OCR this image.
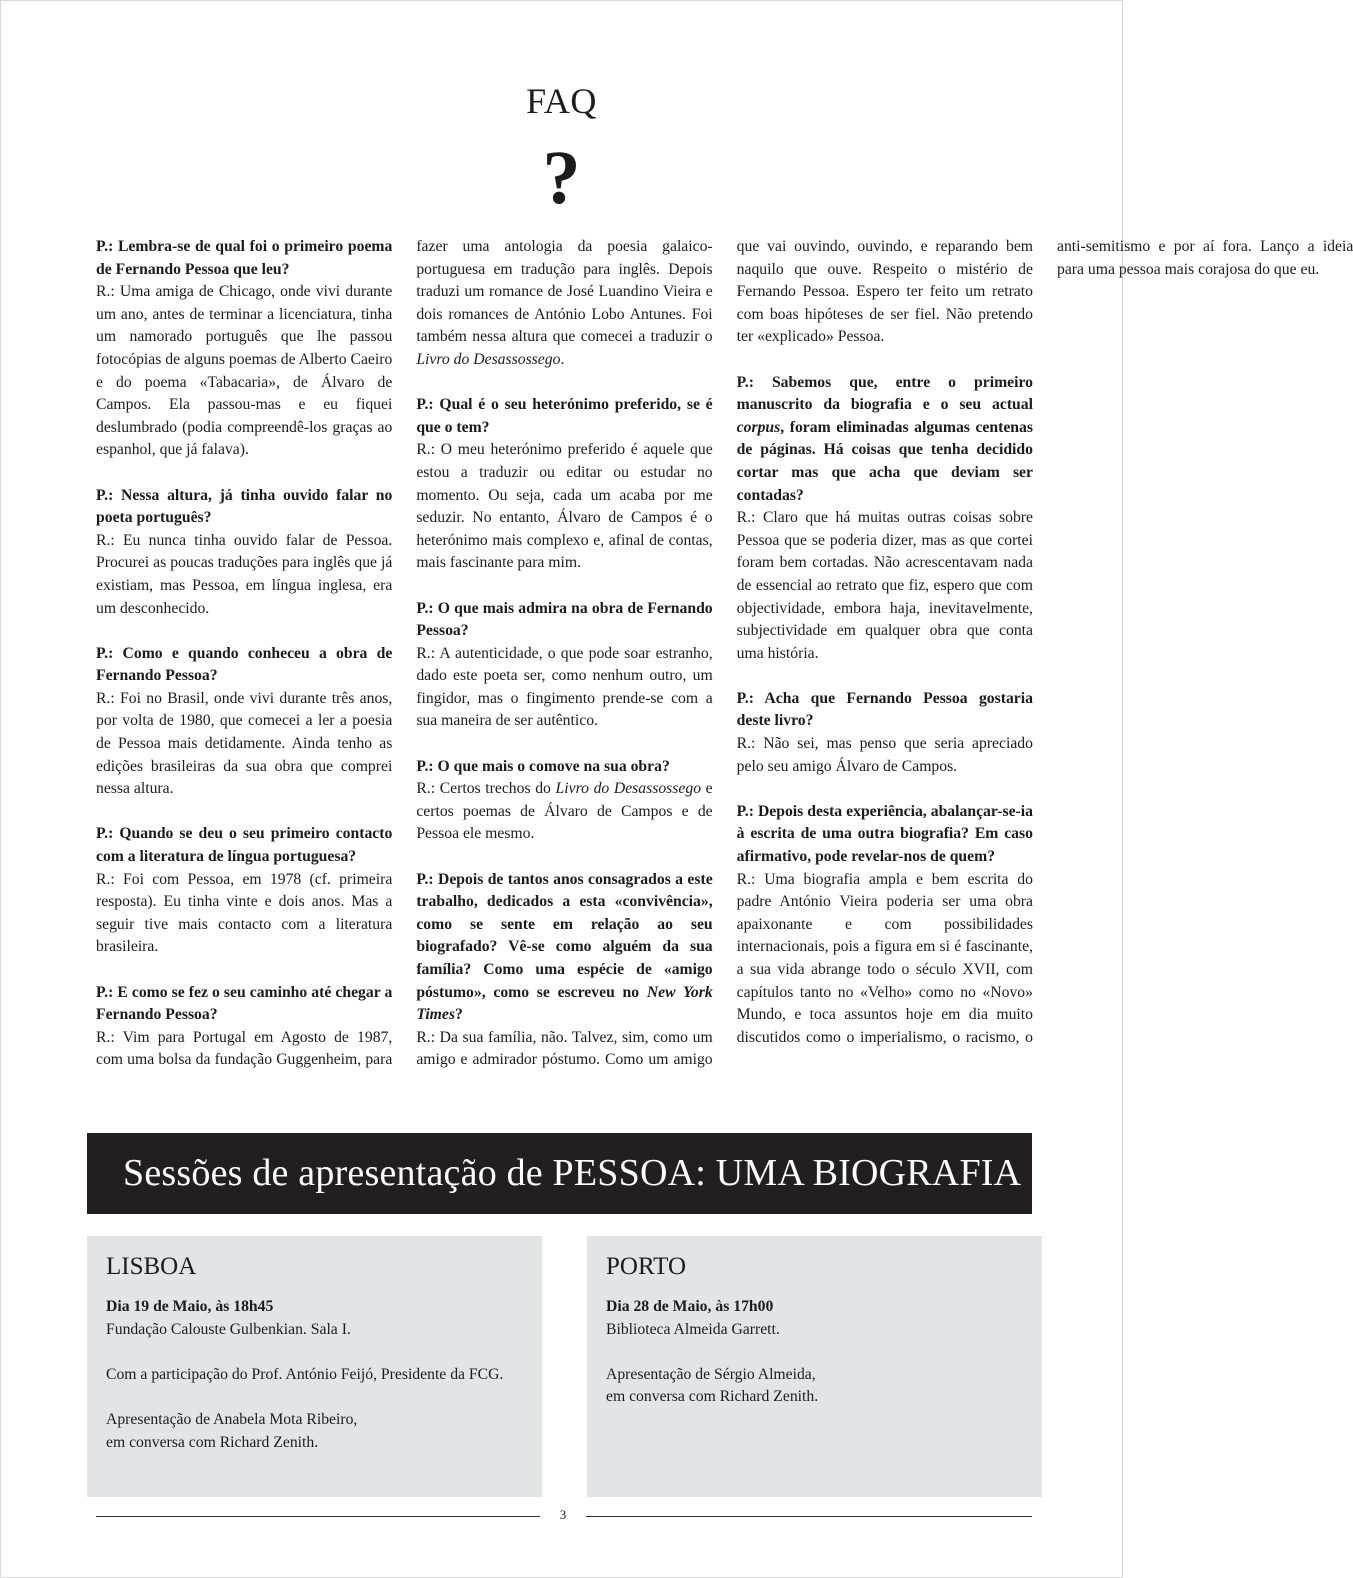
FAQ
?

P.: Lembra-se de qual foi o primeiro poema de Fernando Pessoa que leu?

R.: Uma amiga de Chicago, onde vivi durante um ano, antes de terminar a licenciatura, tinha um namorado português que lhe passou fotocópias de alguns poemas de Alberto Caeiro e do poema «Tabacaria», de Álvaro de Campos. Ela passou-mas e eu fiquei deslumbrado (podia compreendê-los graças ao espanhol, que já falava).

P.: Nessa altura, já tinha ouvido falar no poeta português?

R.: Eu nunca tinha ouvido falar de Pessoa. Procurei as poucas traduções para inglês que já existiam, mas Pessoa, em língua inglesa, era um desconhecido.

P.: Como e quando conheceu a obra de Fernando Pessoa?

R.: Foi no Brasil, onde vivi durante três anos, por volta de 1980, que comecei a ler a poesia de Pessoa mais detidamente. Ainda tenho as edições brasileiras da sua obra que comprei nessa altura.

P.: Quando se deu o seu primeiro contacto com a literatura de língua portuguesa?

R.: Foi com Pessoa, em 1978 (cf. primeira resposta). Eu tinha vinte e dois anos. Mas a seguir tive mais contacto com a literatura brasileira.

P.: E como se fez o seu caminho até chegar a Fernando Pessoa?

R.: Vim para Portugal em Agosto de 1987, com uma bolsa da fundação Guggenheim, para fazer uma antologia da poesia galaico-portuguesa em tradução para inglês. Depois traduzi um romance de José Luandino Vieira e dois romances de António Lobo Antunes. Foi também nessa altura que comecei a traduzir o Livro do Desassossego.

P.: Qual é o seu heterónimo preferido, se é que o tem?

R.: O meu heterónimo preferido é aquele que estou a traduzir ou editar ou estudar no momento. Ou seja, cada um acaba por me seduzir. No entanto, Álvaro de Campos é o heterónimo mais complexo e, afinal de contas, mais fascinante para mim.

P.: O que mais admira na obra de Fernando Pessoa?

R.: A autenticidade, o que pode soar estranho, dado este poeta ser, como nenhum outro, um fingidor, mas o fingimento prende-se com a sua maneira de ser autêntico.

P.: O que mais o comove na sua obra?

R.: Certos trechos do Livro do Desassossego e certos poemas de Álvaro de Campos e de Pessoa ele mesmo.

P.: Depois de tantos anos consagrados a este trabalho, dedicados a esta «convivência», como se sente em relação ao seu biografado? Vê-se como alguém da sua família? Como uma espécie de «amigo póstumo», como se escreveu no New York Times?

R.: Da sua família, não. Talvez, sim, como um amigo e admirador póstumo. Como um amigo que vai ouvindo, ouvindo, e reparando bem naquilo que ouve. Respeito o mistério de Fernando Pessoa. Espero ter feito um retrato com boas hipóteses de ser fiel. Não pretendo ter «explicado» Pessoa.

P.: Sabemos que, entre o primeiro manuscrito da biografia e o seu actual corpus, foram eliminadas algumas centenas de páginas. Há coisas que tenha decidido cortar mas que acha que deviam ser contadas?

R.: Claro que há muitas outras coisas sobre Pessoa que se poderia dizer, mas as que cortei foram bem cortadas. Não acrescentavam nada de essencial ao retrato que fiz, espero que com objectividade, embora haja, inevitavelmente, subjectividade em qualquer obra que conta uma história.

P.: Acha que Fernando Pessoa gostaria deste livro?

R.: Não sei, mas penso que seria apreciado pelo seu amigo Álvaro de Campos.

P.: Depois desta experiência, abalançar-se-ia à escrita de uma outra biografia? Em caso afirmativo, pode revelar-nos de quem?

R.: Uma biografia ampla e bem escrita do padre António Vieira poderia ser uma obra apaixonante e com possibilidades internacionais, pois a figura em si é fascinante, a sua vida abrange todo o século XVII, com capítulos tanto no «Velho» como no «Novo» Mundo, e toca assuntos hoje em dia muito discutidos como o imperialismo, o racismo, o anti-semitismo e por aí fora. Lanço a ideia para uma pessoa mais corajosa do que eu.

Sessões de apresentação de PESSOA: UMA BIOGRAFIA
LISBOA

Dia 19 de Maio, às 18h45

Fundação Calouste Gulbenkian. Sala I.

Com a participação do Prof. António Feijó, Presidente da FCG.

Apresentação de Anabela Mota Ribeiro,

em conversa com Richard Zenith.

PORTO

Dia 28 de Maio, às 17h00

Biblioteca Almeida Garrett.

Apresentação de Sérgio Almeida,

em conversa com Richard Zenith.

3
